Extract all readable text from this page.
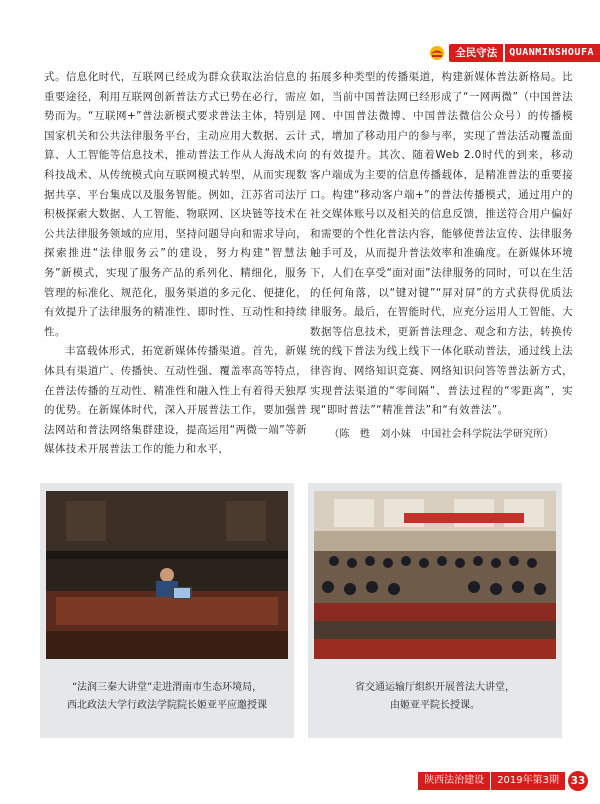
全民守法	QUANMINSHOUFA

式。信息化时代，互联网已经成为群众获取法治信息的重要途径，利用互联网创新普法方式已势在必行，需应势而为。“互联网+”普法新模式要求普法主体，特别是国家机关和公共法律服务平台，主动应用大数据、云计算、人工智能等信息技术，推动普法工作从人海战术向科技战术、从传统模式向互联网模式转型，从而实现数据共享、平台集成以及服务智能。例如，江苏省司法厅积极探索大数据、人工智能、物联网、区块链等技术在公共法律服务领域的应用，坚持问题导向和需求导向，探索推进“法律服务云”的建设，努力构建“智慧法务”新模式，实现了服务产品的系列化、精细化，服务管理的标准化、规范化，服务渠道的多元化、便捷化，有效提升了法律服务的精准性、即时性、互动性和持续性。

丰富载体形式，拓宽新媒体传播渠道。首先，新媒体具有渠道广、传播快、互动性强、覆盖率高等特点，在普法传播的互动性、精准性和融入性上有着得天独厚的优势。在新媒体时代，深入开展普法工作，要加强普法网站和普法网络集群建设，提高运用“两微一端”等新媒体技术开展普法工作的能力和水平，

拓展多种类型的传播渠道，构建新媒体普法新格局。比如，当前中国普法网已经形成了“一网两微”（中国普法网、中国普法微博、中国普法微信公众号）的传播模式，增加了移动用户的参与率，实现了普法活动覆盖面的有效提升。其次、随着Web 2.0时代的到来，移动客户端成为主要的信息传播载体，是精准普法的重要接口。构建“移动客户端+”的普法传播模式，通过用户的社交媒体账号以及相关的信息反馈，推送符合用户偏好和需要的个性化普法内容，能够使普法宣传、法律服务触手可及，从而提升普法效率和准确度。在新媒体环境下，人们在享受“面对面”法律服务的同时，可以在生活的任何角落，以“键对键”“屏对屏”的方式获得优质法律服务。最后，在智能时代，应充分运用人工智能、大数据等信息技术，更新普法理念、观念和方法，转换传统的线下普法为线上线下一体化联动普法，通过线上法律咨询、网络知识竞赛、网络知识问答等普法新方式，实现普法渠道的“零间隔”、普法过程的“零距离”，实现“即时普法”“精准普法”和“有效普法”。

（陈　甦　刘小妹　中国社会科学院法学研究所）

“法润三秦大讲堂”走进渭南市生态环境局，
西北政法大学行政法学院院长姬亚平应邀授课
省交通运输厅组织开展普法大讲堂，
由姬亚平院长授课。
陕西法治建设	2019年第3期	33
